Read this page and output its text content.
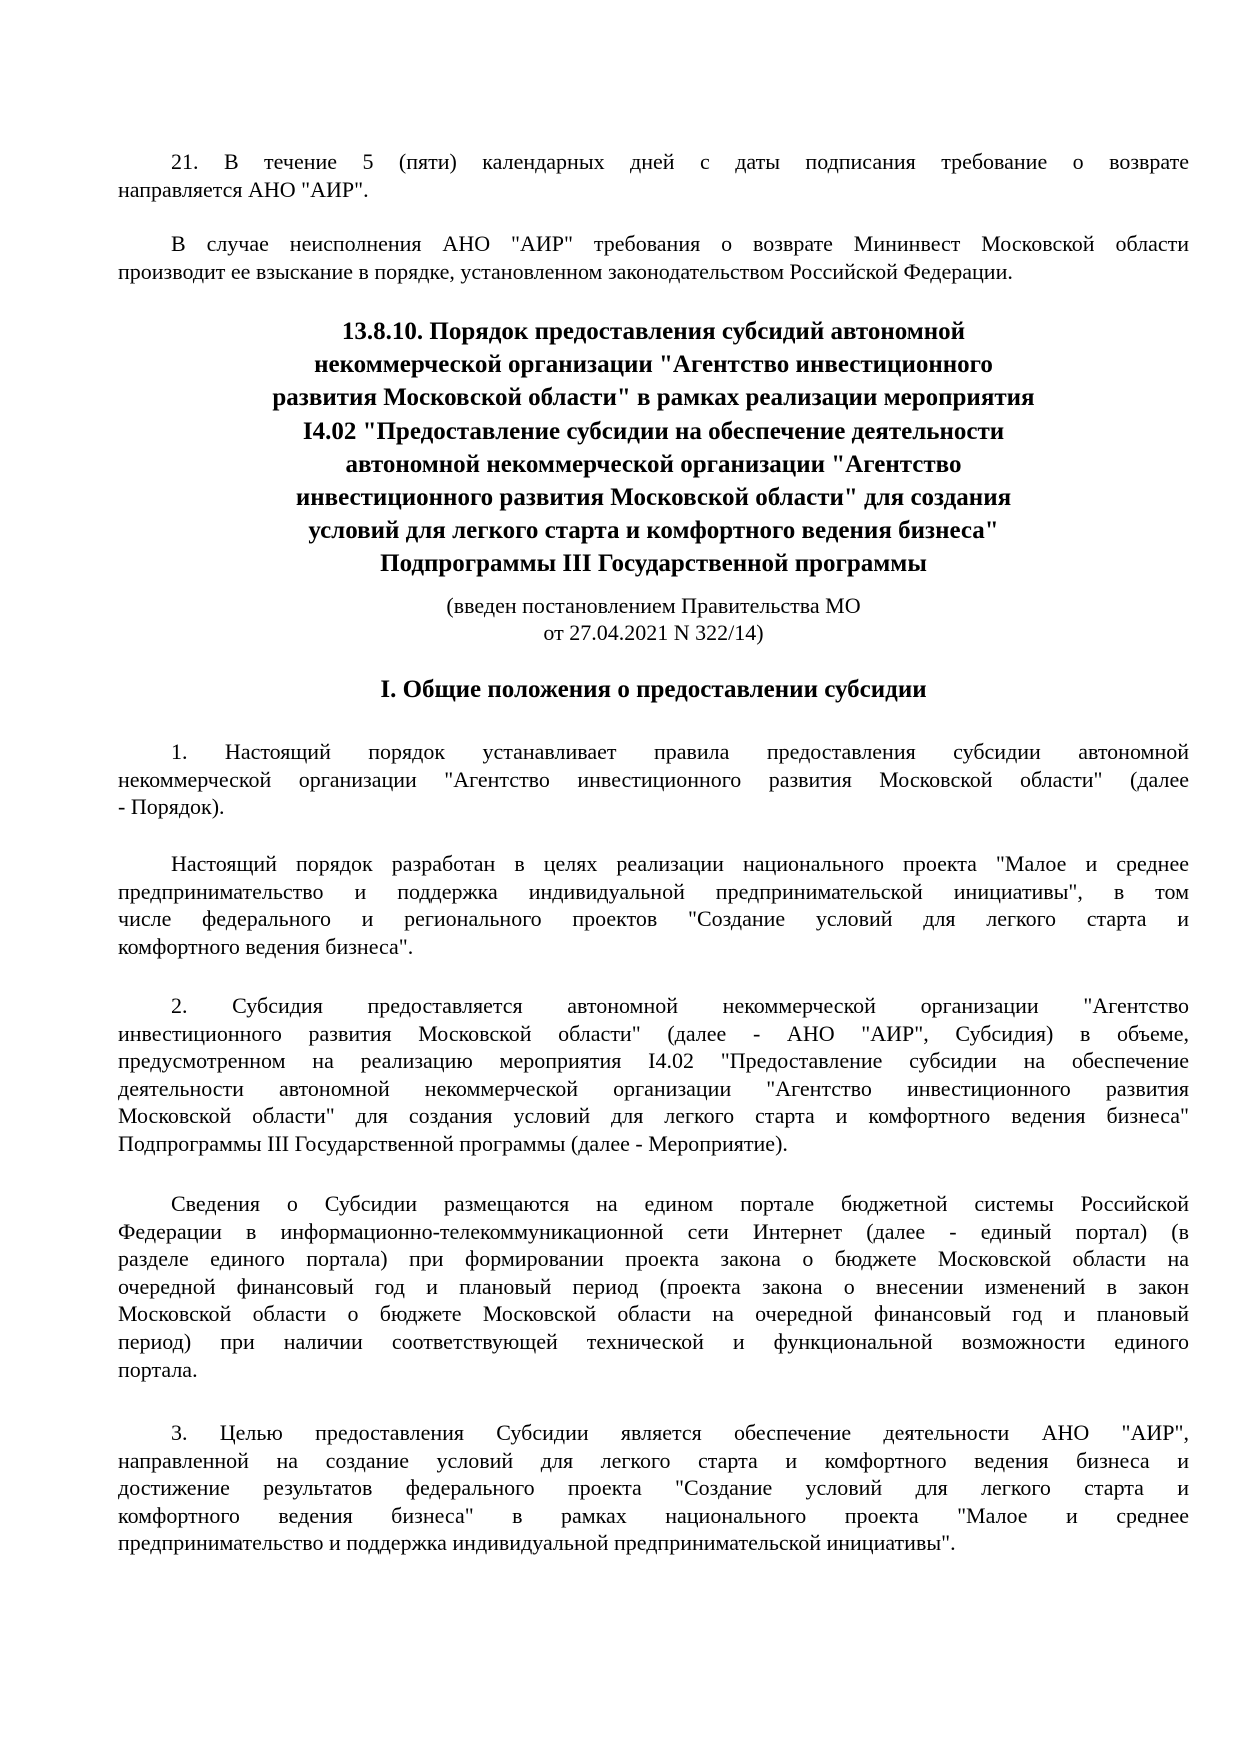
21. В течение 5 (пяти) календарных дней с даты подписания требование о возврате
направляется АНО "АИР".
В случае неисполнения АНО "АИР" требования о возврате Мининвест Московской области
производит ее взыскание в порядке, установленном законодательством Российской Федерации.
13.8.10. Порядок предоставления субсидий автономной
некоммерческой организации "Агентство инвестиционного
развития Московской области" в рамках реализации мероприятия
I4.02 "Предоставление субсидии на обеспечение деятельности
автономной некоммерческой организации "Агентство
инвестиционного развития Московской области" для создания
условий для легкого старта и комфортного ведения бизнеса"
Подпрограммы III Государственной программы
(введен постановлением Правительства МО
от 27.04.2021 N 322/14)
I. Общие положения о предоставлении субсидии
1. Настоящий порядок устанавливает правила предоставления субсидии автономной
некоммерческой организации "Агентство инвестиционного развития Московской области" (далее
- Порядок).
Настоящий порядок разработан в целях реализации национального проекта "Малое и среднее
предпринимательство и поддержка индивидуальной предпринимательской инициативы", в том
числе федерального и регионального проектов "Создание условий для легкого старта и
комфортного ведения бизнеса".
2. Субсидия предоставляется автономной некоммерческой организации "Агентство
инвестиционного развития Московской области" (далее - АНО "АИР", Субсидия) в объеме,
предусмотренном на реализацию мероприятия I4.02 "Предоставление субсидии на обеспечение
деятельности автономной некоммерческой организации "Агентство инвестиционного развития
Московской области" для создания условий для легкого старта и комфортного ведения бизнеса"
Подпрограммы III Государственной программы (далее - Мероприятие).
Сведения о Субсидии размещаются на едином портале бюджетной системы Российской
Федерации в информационно-телекоммуникационной сети Интернет (далее - единый портал) (в
разделе единого портала) при формировании проекта закона о бюджете Московской области на
очередной финансовый год и плановый период (проекта закона о внесении изменений в закон
Московской области о бюджете Московской области на очередной финансовый год и плановый
период) при наличии соответствующей технической и функциональной возможности единого
портала.
3. Целью предоставления Субсидии является обеспечение деятельности АНО "АИР",
направленной на создание условий для легкого старта и комфортного ведения бизнеса и
достижение результатов федерального проекта "Создание условий для легкого старта и
комфортного ведения бизнеса" в рамках национального проекта "Малое и среднее
предпринимательство и поддержка индивидуальной предпринимательской инициативы".
